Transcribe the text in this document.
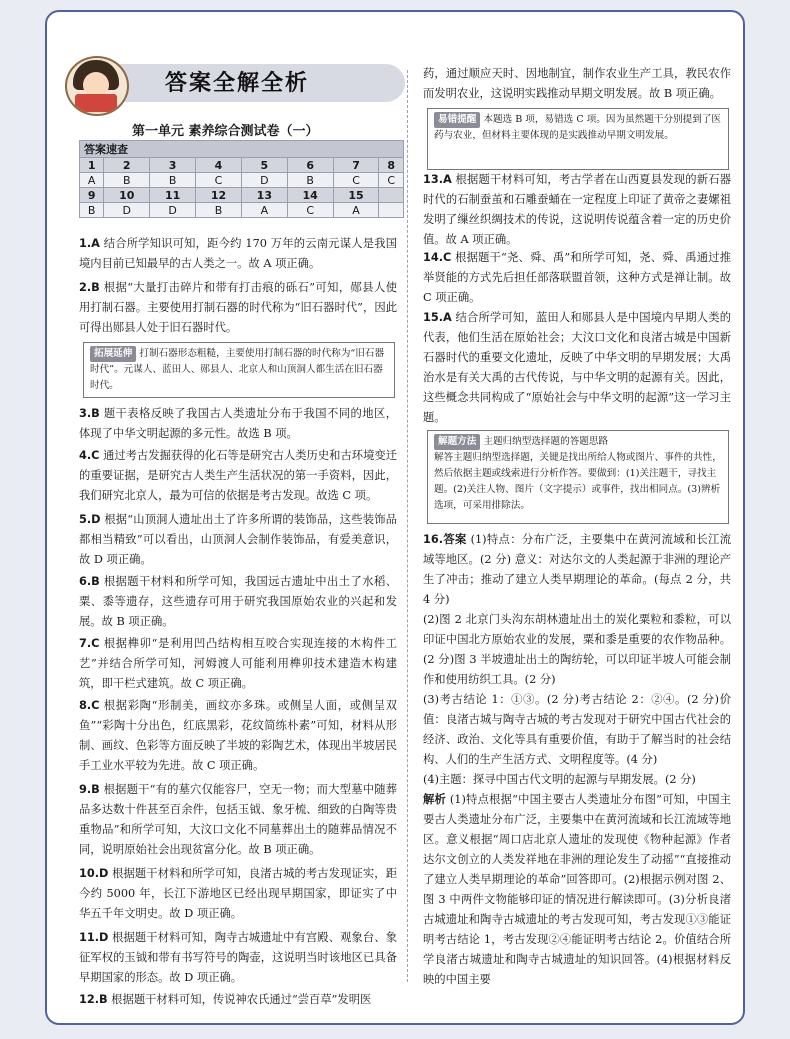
答案全解全析
第一单元 素养综合测试卷（一）
答案速查							
1	2	3	4	5	6	7	8
A	B	B	C	D	B	C	C
9	10	11	12	13	14	15	
B	D	D	B	A	C	A	
1.A 结合所学知识可知，距今约 170 万年的云南元谋人是我国境内目前已知最早的古人类之一。故 A 项正确。
2.B 根据“大量打击碎片和带有打击痕的砾石”可知，郧县人使用打制石器。主要使用打制石器的时代称为“旧石器时代”，因此可得出郧县人处于旧石器时代。
拓展延伸 打制石器形态粗糙，主要使用打制石器的时代称为“旧石器时代”。元谋人、蓝田人、郧县人、北京人和山顶洞人都生活在旧石器时代。
3.B 题干表格反映了我国古人类遗址分布于我国不同的地区，体现了中华文明起源的多元性。故选 B 项。
4.C 通过考古发掘获得的化石等是研究古人类历史和古环境变迁的重要证据，是研究古人类生产生活状况的第一手资料，因此，我们研究北京人，最为可信的依据是考古发现。故选 C 项。
5.D 根据“山顶洞人遗址出土了许多所谓的装饰品，这些装饰品都相当精致”可以看出，山顶洞人会制作装饰品，有爱美意识，故 D 项正确。
6.B 根据题干材料和所学可知，我国远古遗址中出土了水稻、粟、黍等遗存，这些遗存可用于研究我国原始农业的兴起和发展。故 B 项正确。
7.C 根据榫卯“是利用凹凸结构相互咬合实现连接的木构件工艺”并结合所学可知，河姆渡人可能利用榫卯技术建造木构建筑，即干栏式建筑。故 C 项正确。
8.C 根据彩陶“形制美，画纹亦多珠。或侧呈人面，或侧呈双鱼”“彩陶十分出色，红底黑彩，花纹简练朴素”可知，材料从形制、画纹、色彩等方面反映了半坡的彩陶艺术，体现出半坡居民手工业水平较为先进。故 C 项正确。
9.B 根据题干“有的墓穴仅能容尸，空无一物；而大型墓中随葬品多达数十件甚至百余件，包括玉钺、象牙梳、细致的白陶等贵重物品”和所学可知，大汶口文化不同墓葬出土的随葬品情况不同，说明原始社会出现贫富分化。故 B 项正确。
10.D 根据题干材料和所学可知，良渚古城的考古发现证实，距今约 5000 年，长江下游地区已经出现早期国家，即证实了中华五千年文明史。故 D 项正确。
11.D 根据题干材料可知，陶寺古城遗址中有宫殿、观象台、象征军权的玉钺和带有书写符号的陶壶，这说明当时该地区已具备早期国家的形态。故 D 项正确。
12.B 根据题干材料可知，传说神农氏通过“尝百草”发明医
药，通过顺应天时、因地制宜，制作农业生产工具，教民农作而发明农业，这说明实践推动早期文明发展。故 B 项正确。
易错提醒 本题选 B 项，易错选 C 项。因为虽然题干分别提到了医药与农业，但材料主要体现的是实践推动早期文明发展。
13.A 根据题干材料可知，考古学者在山西夏县发现的新石器时代的石制蚕茧和石雕蚕蛹在一定程度上印证了黄帝之妻嫘祖发明了缫丝织绸技术的传说，这说明传说蕴含着一定的历史价值。故 A 项正确。
14.C 根据题干“尧、舜、禹”和所学可知，尧、舜、禹通过推举贤能的方式先后担任部落联盟首领，这种方式是禅让制。故 C 项正确。
15.A 结合所学可知，蓝田人和郧县人是中国境内早期人类的代表，他们生活在原始社会；大汶口文化和良渚古城是中国新石器时代的重要文化遗址，反映了中华文明的早期发展；大禹治水是有关大禹的古代传说，与中华文明的起源有关。因此，这些概念共同构成了“原始社会与中华文明的起源”这一学习主题。
解题方法 主题归纳型选择题的答题思路
解答主题归纳型选择题，关键是找出所给人物或图片、事件的共性，然后依据主题或线索进行分析作答。要做到：(1)关注题干，寻找主题。(2)关注人物、图片（文字提示）或事件，找出相同点。(3)辨析选项，可采用排除法。
16.答案 (1)特点：分布广泛，主要集中在黄河流域和长江流域等地区。(2 分) 意义：对达尔文的人类起源于非洲的理论产生了冲击；推动了建立人类早期理论的革命。(每点 2 分，共 4 分)
(2)图 2 北京门头沟东胡林遗址出土的炭化粟粒和黍粒，可以印证中国北方原始农业的发展，粟和黍是重要的农作物品种。(2 分)图 3 半坡遗址出土的陶纺轮，可以印证半坡人可能会制作和使用纺织工具。(2 分)
(3)考古结论 1：①③。(2 分)考古结论 2：②④。(2 分)价值：良渚古城与陶寺古城的考古发现对于研究中国古代社会的经济、政治、文化等具有重要价值，有助于了解当时的社会结构、人们的生产生活方式、文明程度等。(4 分)
(4)主题：探寻中国古代文明的起源与早期发展。(2 分)
解析 (1)特点根据“中国主要古人类遗址分布图”可知，中国主要古人类遗址分布广泛，主要集中在黄河流域和长江流域等地区。意义根据“周口店北京人遗址的发现使《物种起源》作者达尔文创立的人类发祥地在非洲的理论发生了动摇”“直接推动了建立人类早期理论的革命”回答即可。(2)根据示例对图 2、图 3 中两件文物能够印证的情况进行解读即可。(3)分析良渚古城遗址和陶寺古城遗址的考古发现可知，考古发现①③能证明考古结论 1，考古发现②④能证明考古结论 2。价值结合所学良渚古城遗址和陶寺古城遗址的知识回答。(4)根据材料反映的中国主要
